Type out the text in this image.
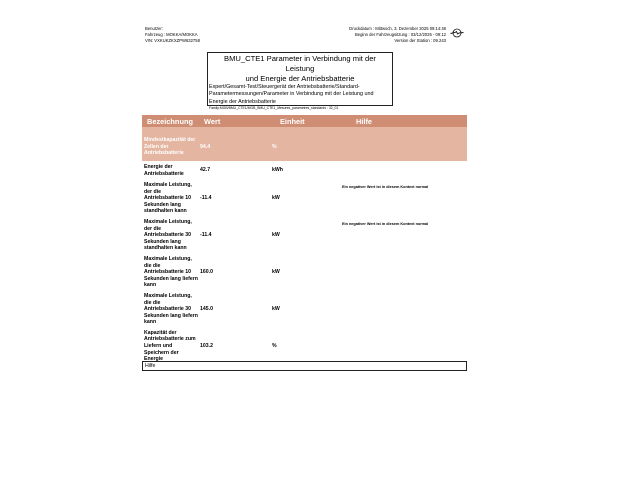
Benutzer:
Fahrzeug : MOKKA/MOKKA
VIN: VXKUKZKXZPW632758
Druckdatum : Mittwoch, 3. Dezember 2025 09:14:48
Beginn der Fahrzeugsitzung : 03/12/2025 - 09:12
Version der Station : 09.243
BMU_CTE1 Parameter in Verbindung mit der Leistung
und Energie der Antriebsbatterie
Expert/Gesamt-Test/Steuergerät der Antriebsbatterie/Standard-
Parametermessungen/Parameter in Verbindung mit der Leistung und
Energie der Antriebsbatterie
Family:MGB/BMU_CTE1/MGB_BMU_CTE1_Mesures_parametres_standards : 32_01
Bezeichnung	Wert	Einheit	Hilfe

Mindestkapazität der Zellen der Antriebsbatterie	94.4	%	
Energie der Antriebsbatterie	42.7	kWh	
Maximale Leistung, der die Antriebsbatterie 10 Sekunden lang standhalten kann	-11.4	kW	Ein negativer Wert ist in diesem Kontext normal
Maximale Leistung, der die Antriebsbatterie 30 Sekunden lang standhalten kann	-11.4	kW	Ein negativer Wert ist in diesem Kontext normal
Maximale Leistung, die die Antriebsbatterie 10 Sekunden lang liefern kann	160.0	kW	
Maximale Leistung, die die Antriebsbatterie 30 Sekunden lang liefern kann	145.0	kW	
Kapazität der Antriebsbatterie zum Liefern und Speichern der Energie	103.2	%	
Hilfe
